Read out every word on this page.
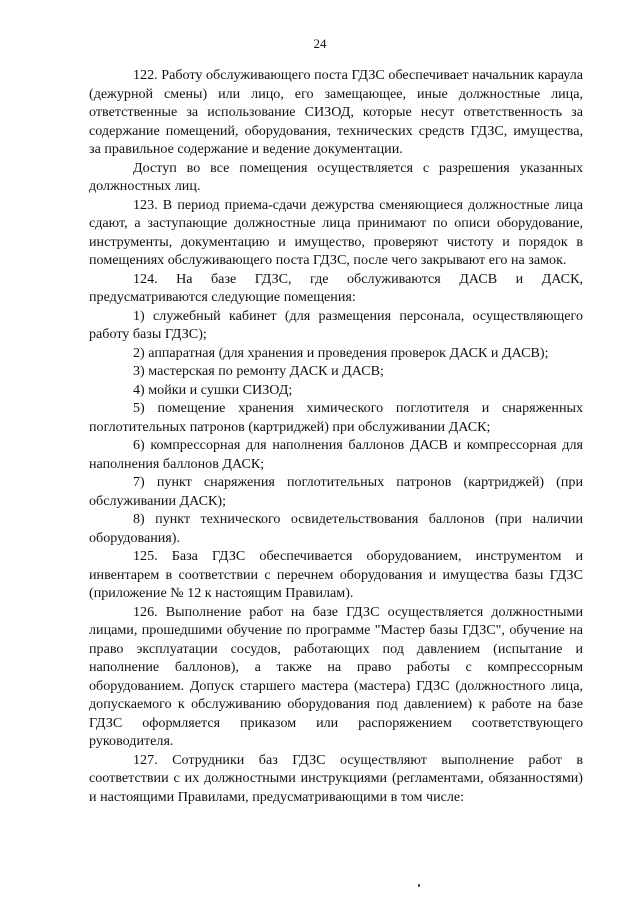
24

122. Работу обслуживающего поста ГДЗС обеспечивает начальник караула (дежурной смены) или лицо, его замещающее, иные должностные лица, ответственные за использование СИЗОД, которые несут ответственность за содержание помещений, оборудования, технических средств ГДЗС, имущества, за правильное содержание и ведение документации.

Доступ во все помещения осуществляется с разрешения указанных должностных лиц.

123. В период приема-сдачи дежурства сменяющиеся должностные лица сдают, а заступающие должностные лица принимают по описи оборудование, инструменты, документацию и имущество, проверяют чистоту и порядок в помещениях обслуживающего поста ГДЗС, после чего закрывают его на замок.

124. На базе ГДЗС, где обслуживаются ДАСВ и ДАСК, предусматриваются следующие помещения:

1) служебный кабинет (для размещения персонала, осуществляющего работу базы ГДЗС);

2) аппаратная (для хранения и проведения проверок ДАСК и ДАСВ);

3) мастерская по ремонту ДАСК и ДАСВ;

4) мойки и сушки СИЗОД;

5) помещение хранения химического поглотителя и снаряженных поглотительных патронов (картриджей) при обслуживании ДАСК;

6) компрессорная для наполнения баллонов ДАСВ и компрессорная для наполнения баллонов ДАСК;

7) пункт снаряжения поглотительных патронов (картриджей) (при обслуживании ДАСК);

8) пункт технического освидетельствования баллонов (при наличии оборудования).

125. База ГДЗС обеспечивается оборудованием, инструментом и инвентарем в соответствии с перечнем оборудования и имущества базы ГДЗС (приложение № 12 к настоящим Правилам).

126. Выполнение работ на базе ГДЗС осуществляется должностными лицами, прошедшими обучение по программе "Мастер базы ГДЗС", обучение на право эксплуатации сосудов, работающих под давлением (испытание и наполнение баллонов), а также на право работы с компрессорным оборудованием. Допуск старшего мастера (мастера) ГДЗС (должностного лица, допускаемого к обслуживанию оборудования под давлением) к работе на базе ГДЗС оформляется приказом или распоряжением соответствующего руководителя.

127. Сотрудники баз ГДЗС осуществляют выполнение работ в соответствии с их должностными инструкциями (регламентами, обязанностями) и настоящими Правилами, предусматривающими в том числе:
